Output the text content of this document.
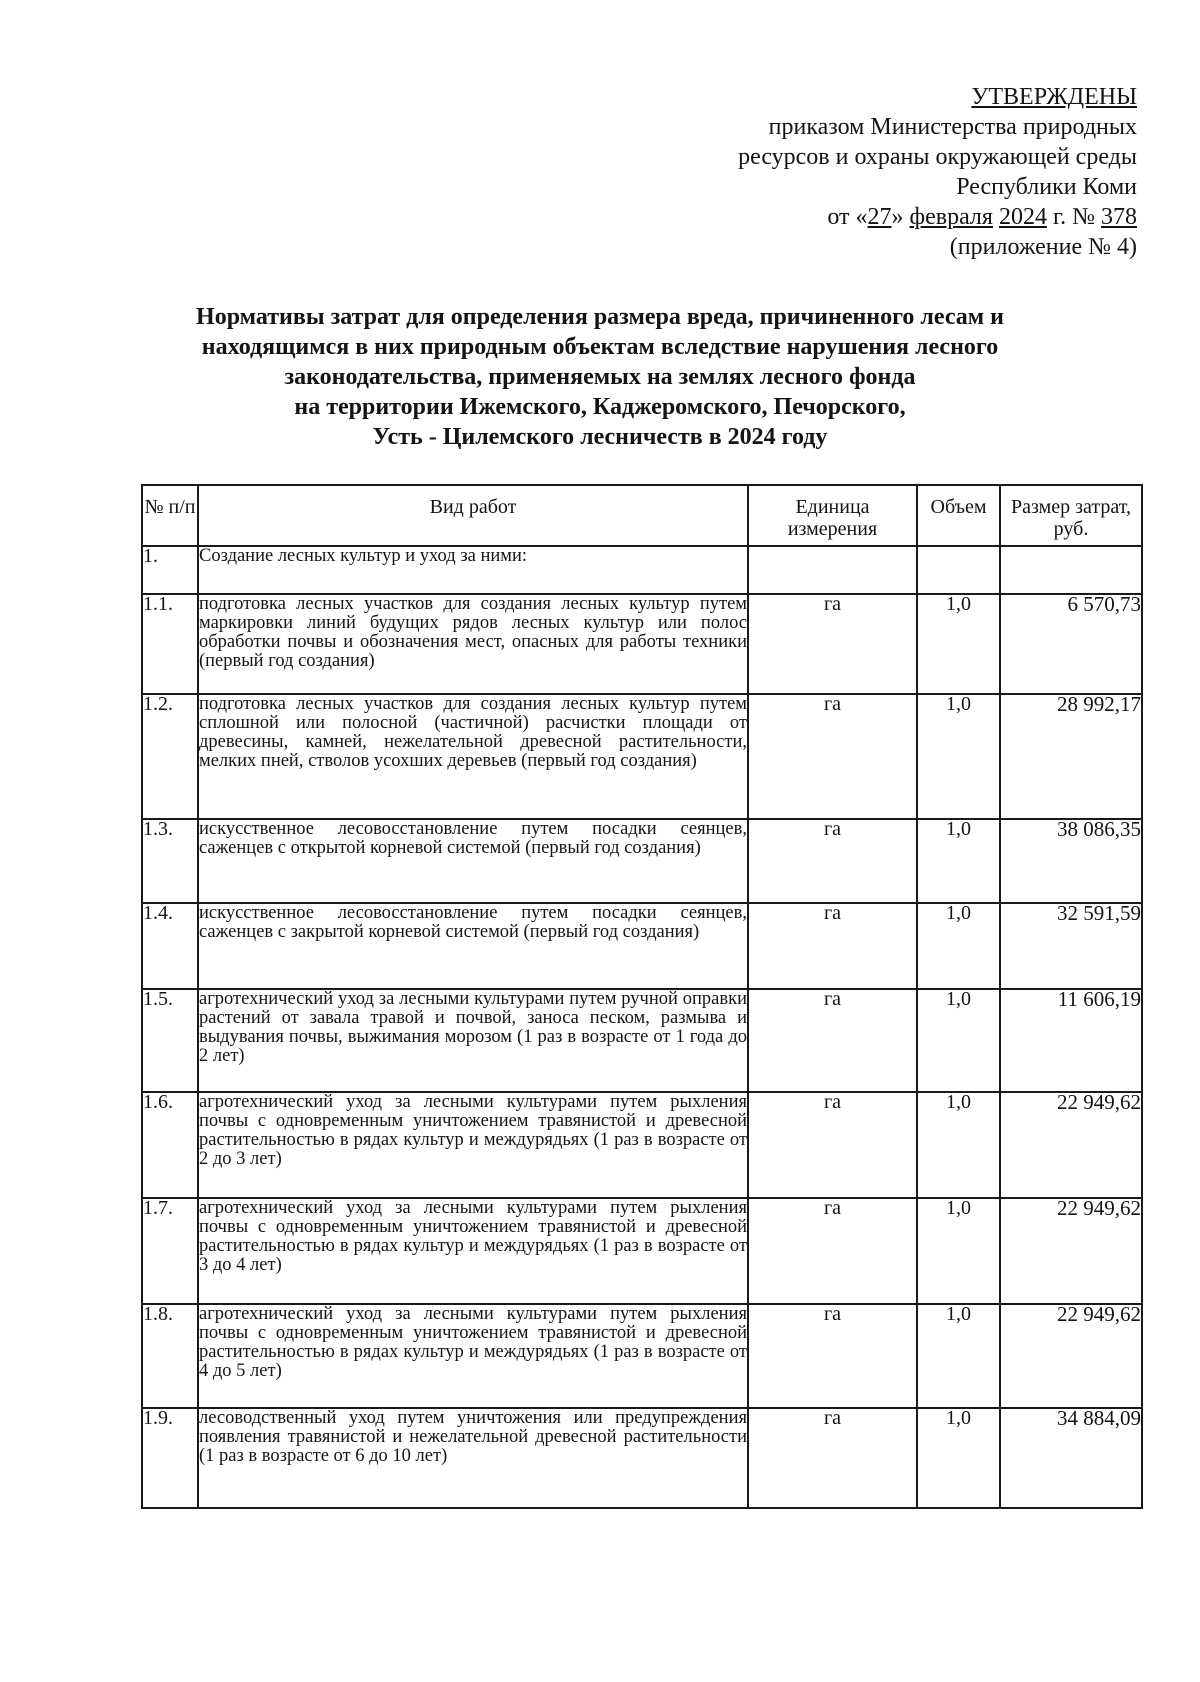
УТВЕРЖДЕНЫ
приказом Министерства природных
ресурсов и охраны окружающей среды
Республики Коми
от «27» февраля 2024 г. № 378
(приложение № 4)
Нормативы затрат для определения размера вреда, причиненного лесам и
находящимся в них природным объектам вследствие нарушения лесного
законодательства, применяемых на землях лесного фонда
на территории Ижемского, Каджеромского, Печорского,
Усть - Цилемского лесничеств в 2024 году
№ п/п	Вид работ	Единица измерения	Объем	Размер затрат, руб.
1.	Создание лесных культур и уход за ними:			
1.1.	подготовка лесных участков для создания лесных культур путем маркировки линий будущих рядов лесных культур или полос обработки почвы и обозначения мест, опасных для работы техники (первый год создания)	га	1,0	6 570,73
1.2.	подготовка лесных участков для создания лесных культур путем сплошной или полосной (частичной) расчистки площади от древесины, камней, нежелательной древесной растительности, мелких пней, стволов усохших деревьев (первый год создания)	га	1,0	28 992,17
1.3.	искусственное лесовосстановление путем посадки сеянцев, саженцев с открытой корневой системой (первый год создания)	га	1,0	38 086,35
1.4.	искусственное лесовосстановление путем посадки сеянцев, саженцев с закрытой корневой системой (первый год создания)	га	1,0	32 591,59
1.5.	агротехнический уход за лесными культурами путем ручной оправки растений от завала травой и почвой, заноса песком, размыва и выдувания почвы, выжимания морозом (1 раз в возрасте от 1 года до 2 лет)	га	1,0	11 606,19
1.6.	агротехнический уход за лесными культурами путем рыхления почвы с одновременным уничтожением травянистой и древесной растительностью в рядах культур и междурядьях (1 раз в возрасте от 2 до 3 лет)	га	1,0	22 949,62
1.7.	агротехнический уход за лесными культурами путем рыхления почвы с одновременным уничтожением травянистой и древесной растительностью в рядах культур и междурядьях (1 раз в возрасте от 3 до 4 лет)	га	1,0	22 949,62
1.8.	агротехнический уход за лесными культурами путем рыхления почвы с одновременным уничтожением травянистой и древесной растительностью в рядах культур и междурядьях (1 раз в возрасте от 4 до 5 лет)	га	1,0	22 949,62
1.9.	лесоводственный уход путем уничтожения или предупреждения появления травянистой и нежелательной древесной растительности (1 раз в возрасте от 6 до 10 лет)	га	1,0	34 884,09
